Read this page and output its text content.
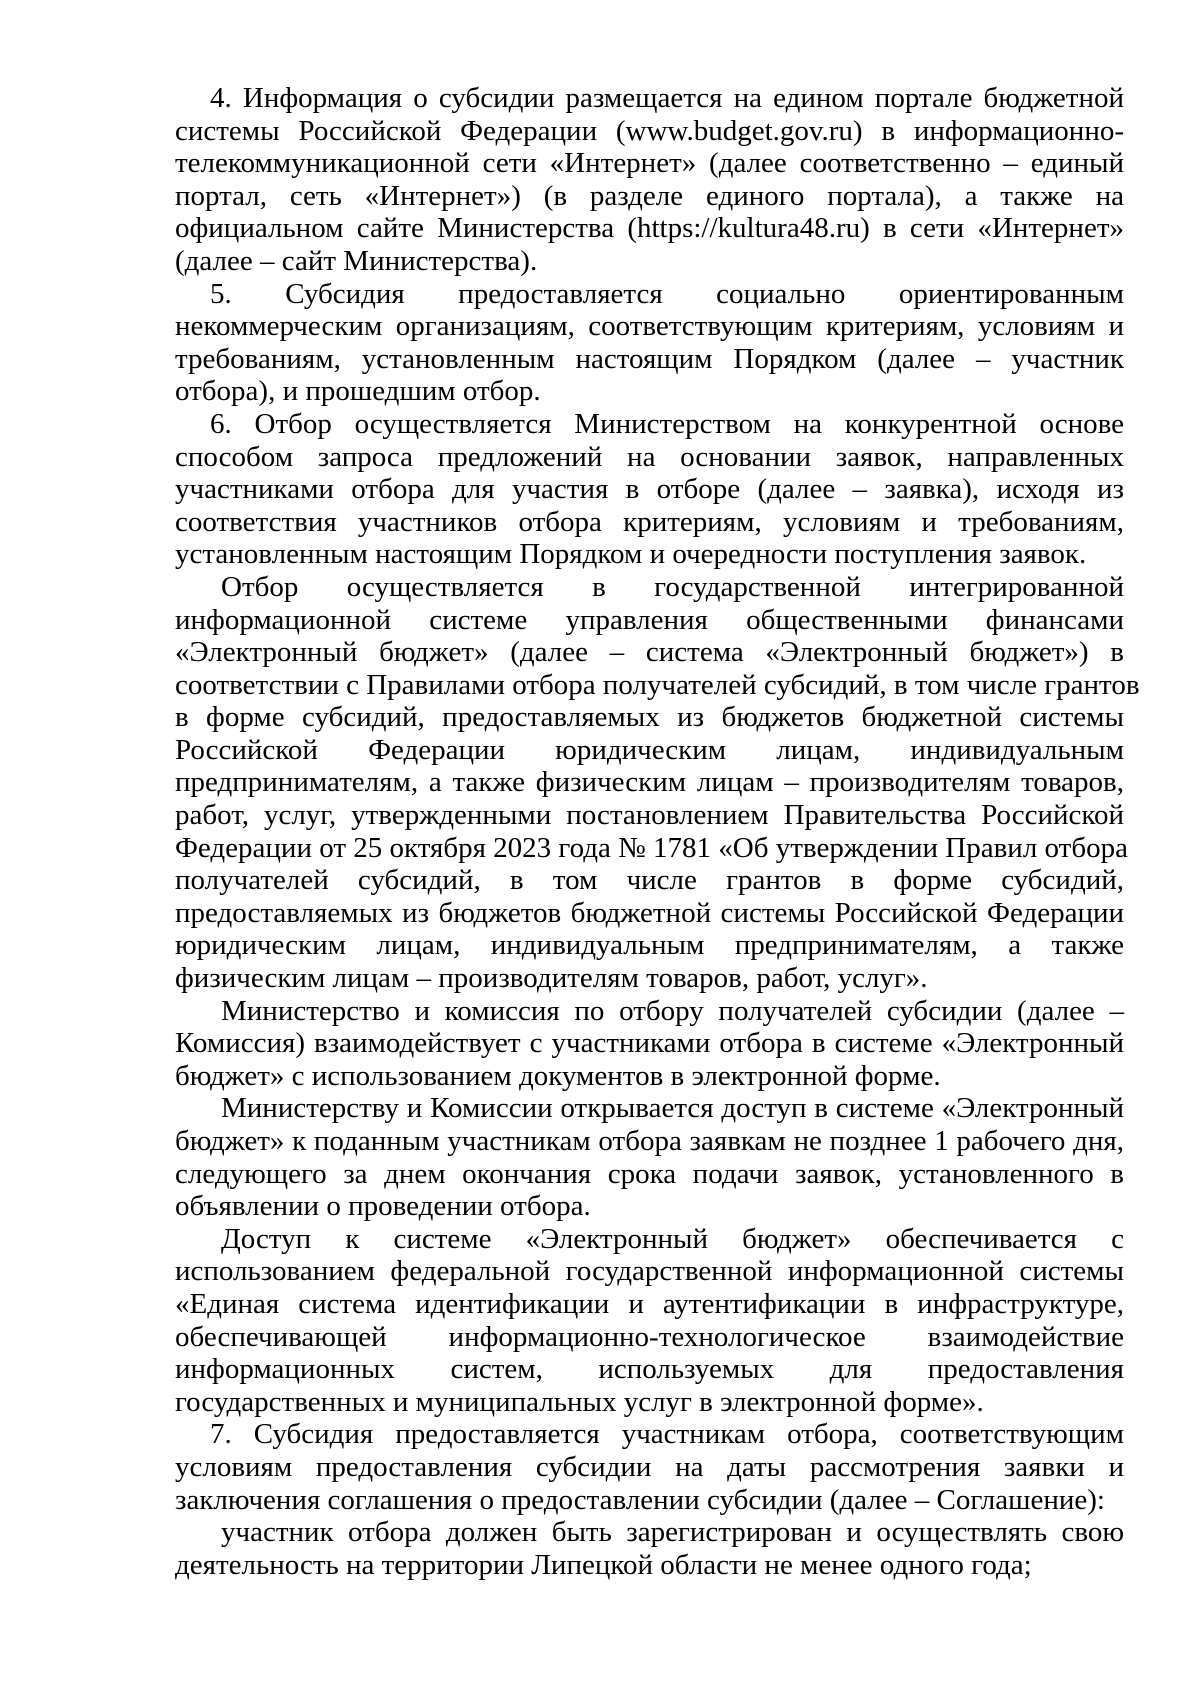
4. Информация о субсидии размещается на едином портале бюджетной
системы Российской Федерации (www.budget.gov.ru) в информационно-
телекоммуникационной сети «Интернет» (далее соответственно – единый
портал, сеть «Интернет») (в разделе единого портала), а также на
официальном сайте Министерства (https://kultura48.ru) в сети «Интернет»
(далее – сайт Министерства).

5. Субсидия предоставляется социально ориентированным
некоммерческим организациям, соответствующим критериям, условиям и
требованиям, установленным настоящим Порядком (далее – участник
отбора), и прошедшим отбор.

6. Отбор осуществляется Министерством на конкурентной основе
способом запроса предложений на основании заявок, направленных
участниками отбора для участия в отборе (далее – заявка), исходя из
соответствия участников отбора критериям, условиям и требованиям,
установленным настоящим Порядком и очередности поступления заявок.

Отбор осуществляется в государственной интегрированной
информационной системе управления общественными финансами
«Электронный бюджет» (далее – система «Электронный бюджет») в
соответствии с Правилами отбора получателей субсидий, в том числе грантов
в форме субсидий, предоставляемых из бюджетов бюджетной системы
Российской Федерации юридическим лицам, индивидуальным
предпринимателям, а также физическим лицам – производителям товаров,
работ, услуг, утвержденными постановлением Правительства Российской
Федерации от 25 октября 2023 года № 1781 «Об утверждении Правил отбора
получателей субсидий, в том числе грантов в форме субсидий,
предоставляемых из бюджетов бюджетной системы Российской Федерации
юридическим лицам, индивидуальным предпринимателям, а также
физическим лицам – производителям товаров, работ, услуг».

Министерство и комиссия по отбору получателей субсидии (далее –
Комиссия) взаимодействует с участниками отбора в системе «Электронный
бюджет» с использованием документов в электронной форме.

Министерству и Комиссии открывается доступ в системе «Электронный
бюджет» к поданным участникам отбора заявкам не позднее 1 рабочего дня,
следующего за днем окончания срока подачи заявок, установленного в
объявлении о проведении отбора.

Доступ к системе «Электронный бюджет» обеспечивается с
использованием федеральной государственной информационной системы
«Единая система идентификации и аутентификации в инфраструктуре,
обеспечивающей информационно-технологическое взаимодействие
информационных систем, используемых для предоставления
государственных и муниципальных услуг в электронной форме».

7. Субсидия предоставляется участникам отбора, соответствующим
условиям предоставления субсидии на даты рассмотрения заявки и
заключения соглашения о предоставлении субсидии (далее – Соглашение):

участник отбора должен быть зарегистрирован и осуществлять свою
деятельность на территории Липецкой области не менее одного года;
